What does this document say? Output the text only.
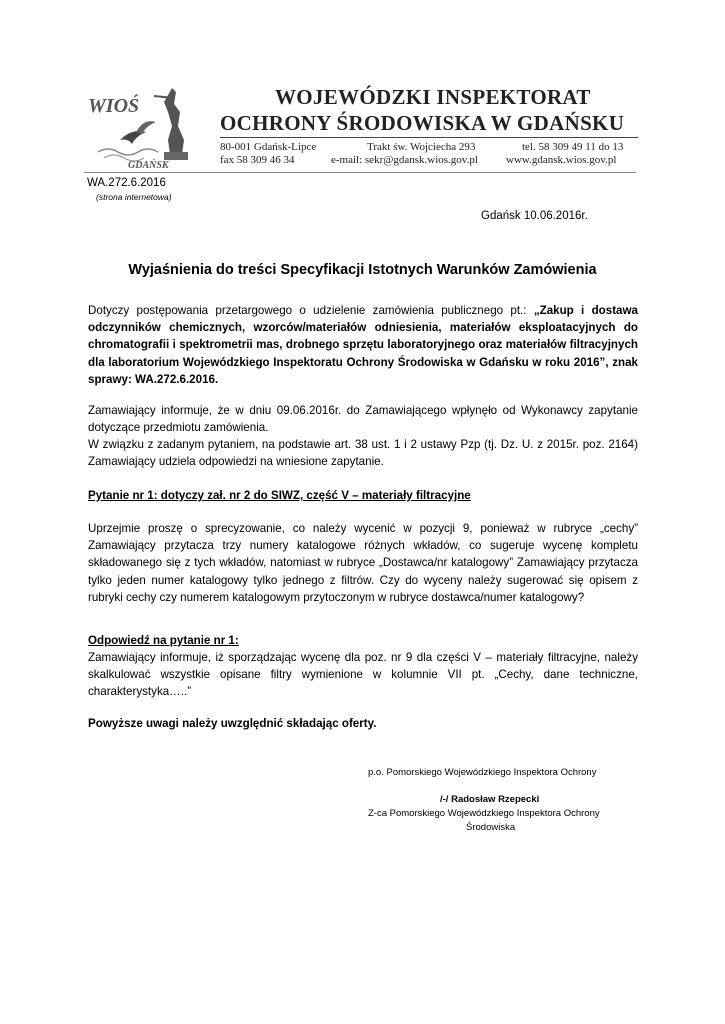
WIOŚ
GDAŃSK
WOJEWÓDZKI INSPEKTORAT
OCHRONY ŚRODOWISKA W GDAŃSKU
80-001 Gdańsk-Lipce	Trakt św. Wojciecha 293	tel. 58 309 49 11 do 13
fax 58 309 46 34	e-mail: sekr@gdansk.wios.gov.pl	www.gdansk.wios.gov.pl
WA.272.6.2016
(strona internetowa)
Gdańsk 10.06.2016r.
Wyjaśnienia do treści Specyfikacji Istotnych Warunków Zamówienia

Dotyczy postępowania przetargowego o udzielenie zamówienia publicznego pt.: „Zakup i dostawa odczynników chemicznych, wzorców/materiałów odniesienia, materiałów eksploatacyjnych do chromatografii i spektrometrii mas, drobnego sprzętu laboratoryjnego oraz materiałów filtracyjnych dla laboratorium Wojewódzkiego Inspektoratu Ochrony Środowiska w Gdańsku w roku 2016”, znak sprawy: WA.272.6.2016.

Zamawiający informuje, że w dniu 09.06.2016r. do Zamawiającego wpłynęło od Wykonawcy zapytanie dotyczące przedmiotu zamówienia.

W związku z zadanym pytaniem, na podstawie art. 38 ust. 1 i 2 ustawy Pzp (tj. Dz. U. z 2015r. poz. 2164) Zamawiający udziela odpowiedzi na wniesione zapytanie.

Pytanie nr 1: dotyczy zał. nr 2 do SIWZ, część V – materiały filtracyjne

Uprzejmie proszę o sprecyzowanie, co należy wycenić w pozycji 9, ponieważ w rubryce „cechy” Zamawiający przytacza trzy numery katalogowe różnych wkładów, co sugeruje wycenę kompletu składowanego się z tych wkładów, natomiast w rubryce „Dostawca/nr katalogowy” Zamawiający przytacza tylko jeden numer katalogowy tylko jednego z filtrów. Czy do wyceny należy sugerować się opisem z rubryki cechy czy numerem katalogowym przytoczonym w rubryce dostawca/numer katalogowy?

Odpowiedź na pytanie nr 1:

Zamawiający informuje, iż sporządzając wycenę dla poz. nr 9 dla części V – materiały filtracyjne, należy skalkulować wszystkie opisane filtry wymienione w kolumnie VII pt. „Cechy, dane techniczne, charakterystyka…..”

Powyższe uwagi należy uwzględnić składając oferty.

p.o. Pomorskiego Wojewódzkiego Inspektora Ochrony
/-/ Radosław Rzepecki
Z-ca Pomorskiego Wojewódzkiego Inspektora Ochrony
Środowiska
